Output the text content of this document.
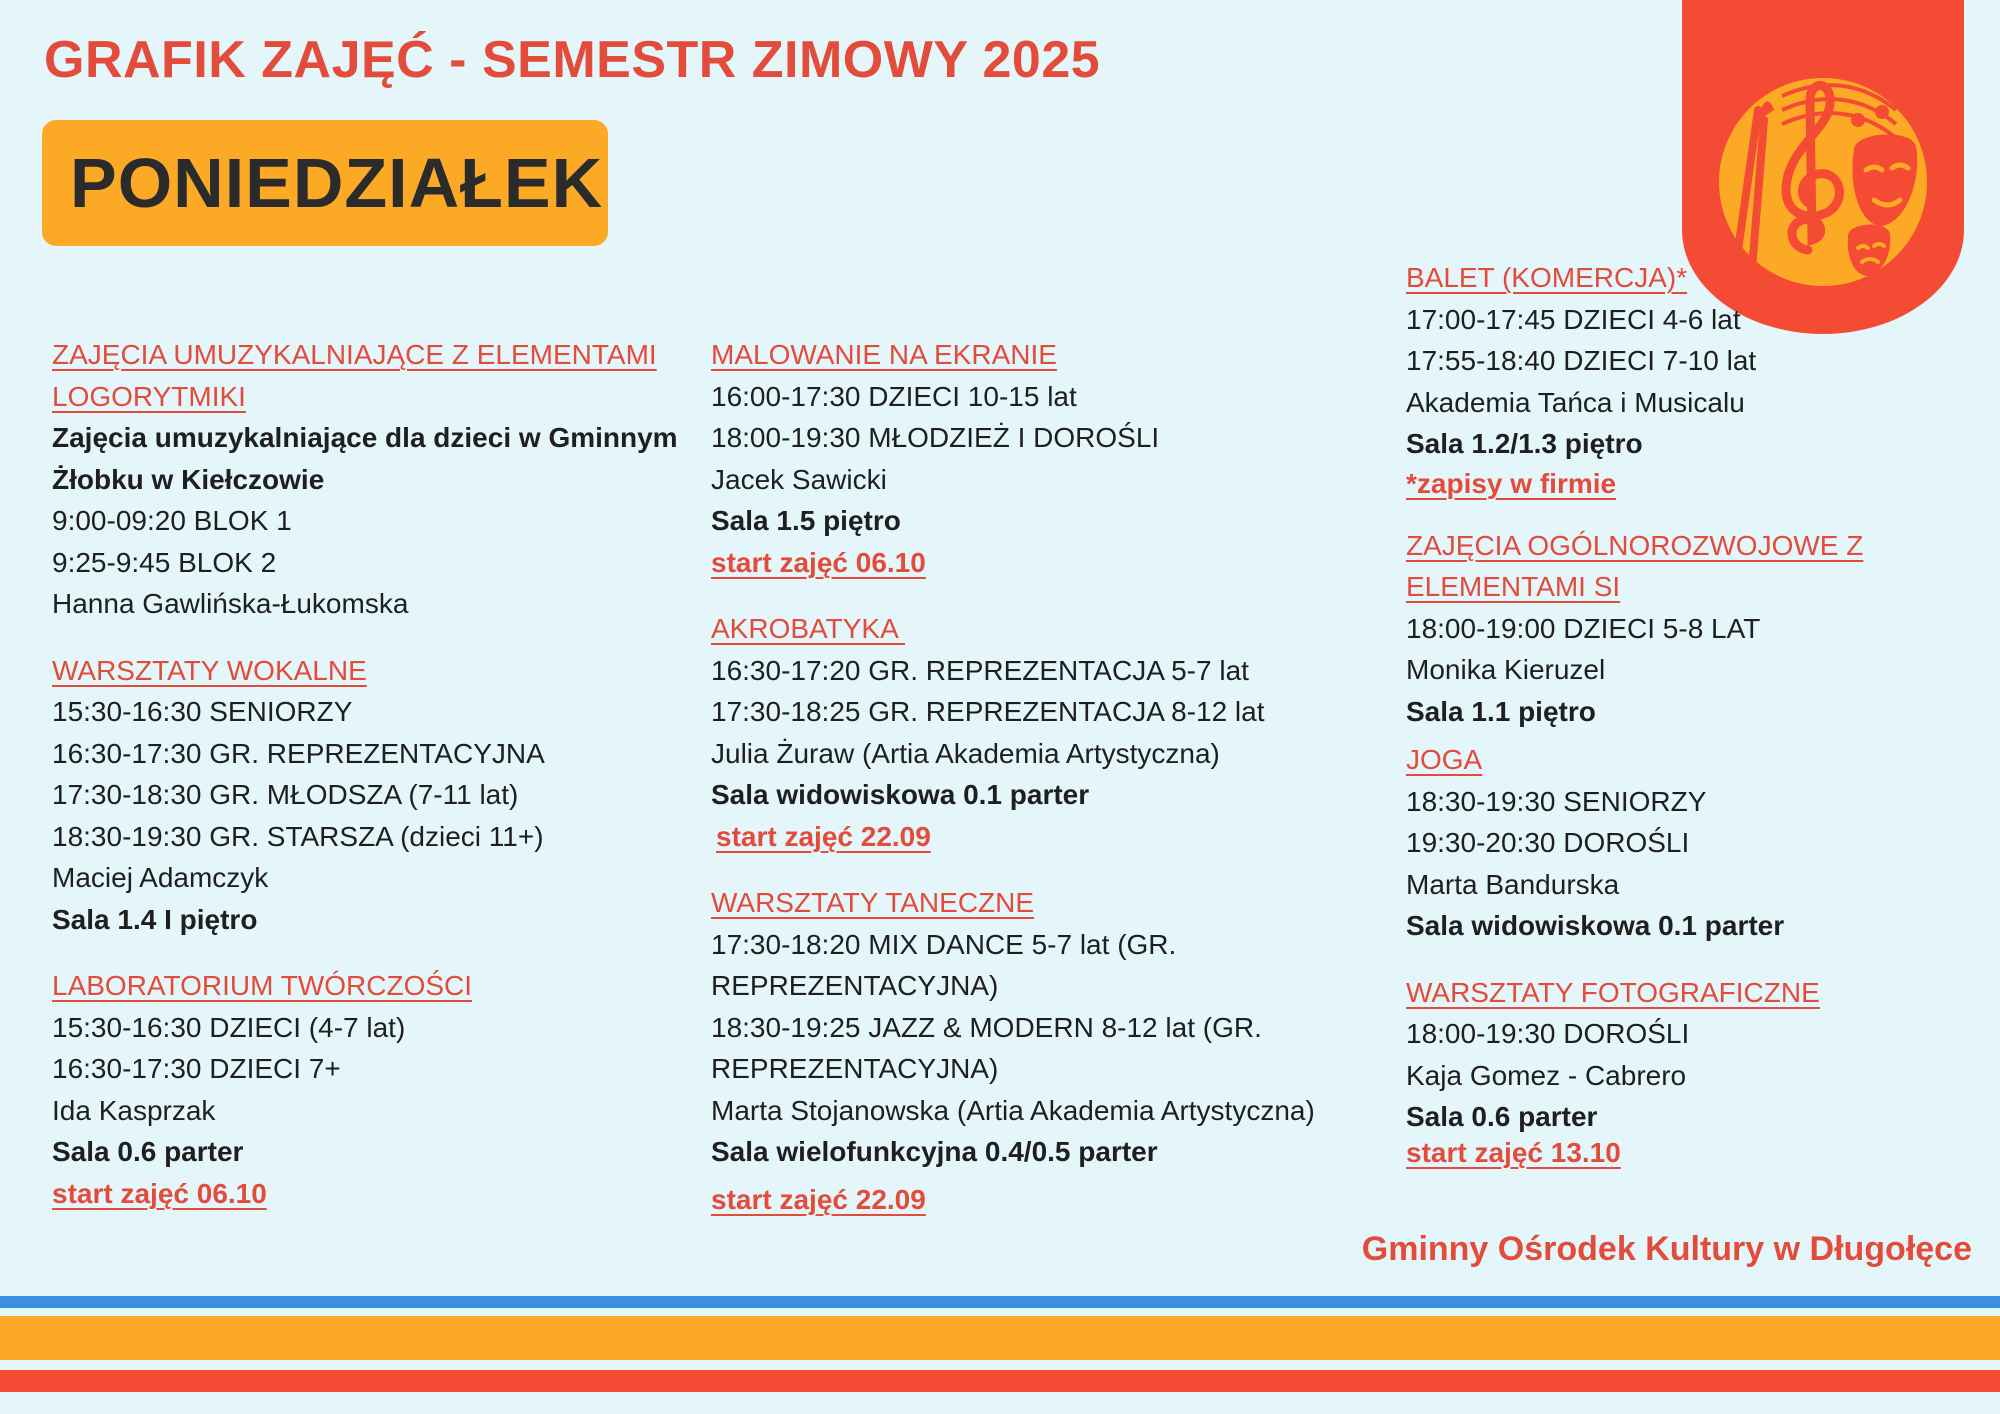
GRAFIK ZAJĘĆ - SEMESTR ZIMOWY 2025
PONIEDZIAŁEK
ZAJĘCIA UMUZYKALNIAJĄCE Z ELEMENTAMI
LOGORYTMIKI
Zajęcia umuzykalniające dla dzieci w Gminnym
Żłobku w Kiełczowie
9:00-09:20 BLOK 1
9:25-9:45 BLOK 2
Hanna Gawlińska-Łukomska
WARSZTATY WOKALNE
15:30-16:30 SENIORZY
16:30-17:30 GR. REPREZENTACYJNA
17:30-18:30 GR. MŁODSZA (7-11 lat)
18:30-19:30 GR. STARSZA (dzieci 11+)
Maciej Adamczyk
Sala 1.4 I piętro
LABORATORIUM TWÓRCZOŚCI
15:30-16:30 DZIECI (4-7 lat)
16:30-17:30 DZIECI 7+
Ida Kasprzak
Sala 0.6 parter
start zajęć 06.10
MALOWANIE NA EKRANIE
16:00-17:30 DZIECI 10-15 lat
18:00-19:30 MŁODZIEŻ I DOROŚLI
Jacek Sawicki
Sala 1.5 piętro
start zajęć 06.10
AKROBATYKA
16:30-17:20 GR. REPREZENTACJA 5-7 lat
17:30-18:25 GR. REPREZENTACJA 8-12 lat
Julia Żuraw (Artia Akademia Artystyczna)
Sala widowiskowa 0.1 parter
start zajęć 22.09
WARSZTATY TANECZNE
17:30-18:20 MIX DANCE 5-7 lat (GR.
REPREZENTACYJNA)
18:30-19:25 JAZZ & MODERN 8-12 lat (GR.
REPREZENTACYJNA)
Marta Stojanowska (Artia Akademia Artystyczna)
Sala wielofunkcyjna 0.4/0.5 parter
start zajęć 22.09
BALET (KOMERCJA)*
17:00-17:45 DZIECI 4-6 lat
17:55-18:40 DZIECI 7-10 lat
Akademia Tańca i Musicalu
Sala 1.2/1.3 piętro
*zapisy w firmie
ZAJĘCIA OGÓLNOROZWOJOWE Z
ELEMENTAMI SI
18:00-19:00 DZIECI 5-8 LAT
Monika Kieruzel
Sala 1.1 piętro
JOGA
18:30-19:30 SENIORZY
19:30-20:30 DOROŚLI
Marta Bandurska
Sala widowiskowa 0.1 parter
WARSZTATY FOTOGRAFICZNE
18:00-19:30 DOROŚLI
Kaja Gomez - Cabrero
Sala 0.6 parter
start zajęć 13.10
Gminny Ośrodek Kultury w Długołęce
